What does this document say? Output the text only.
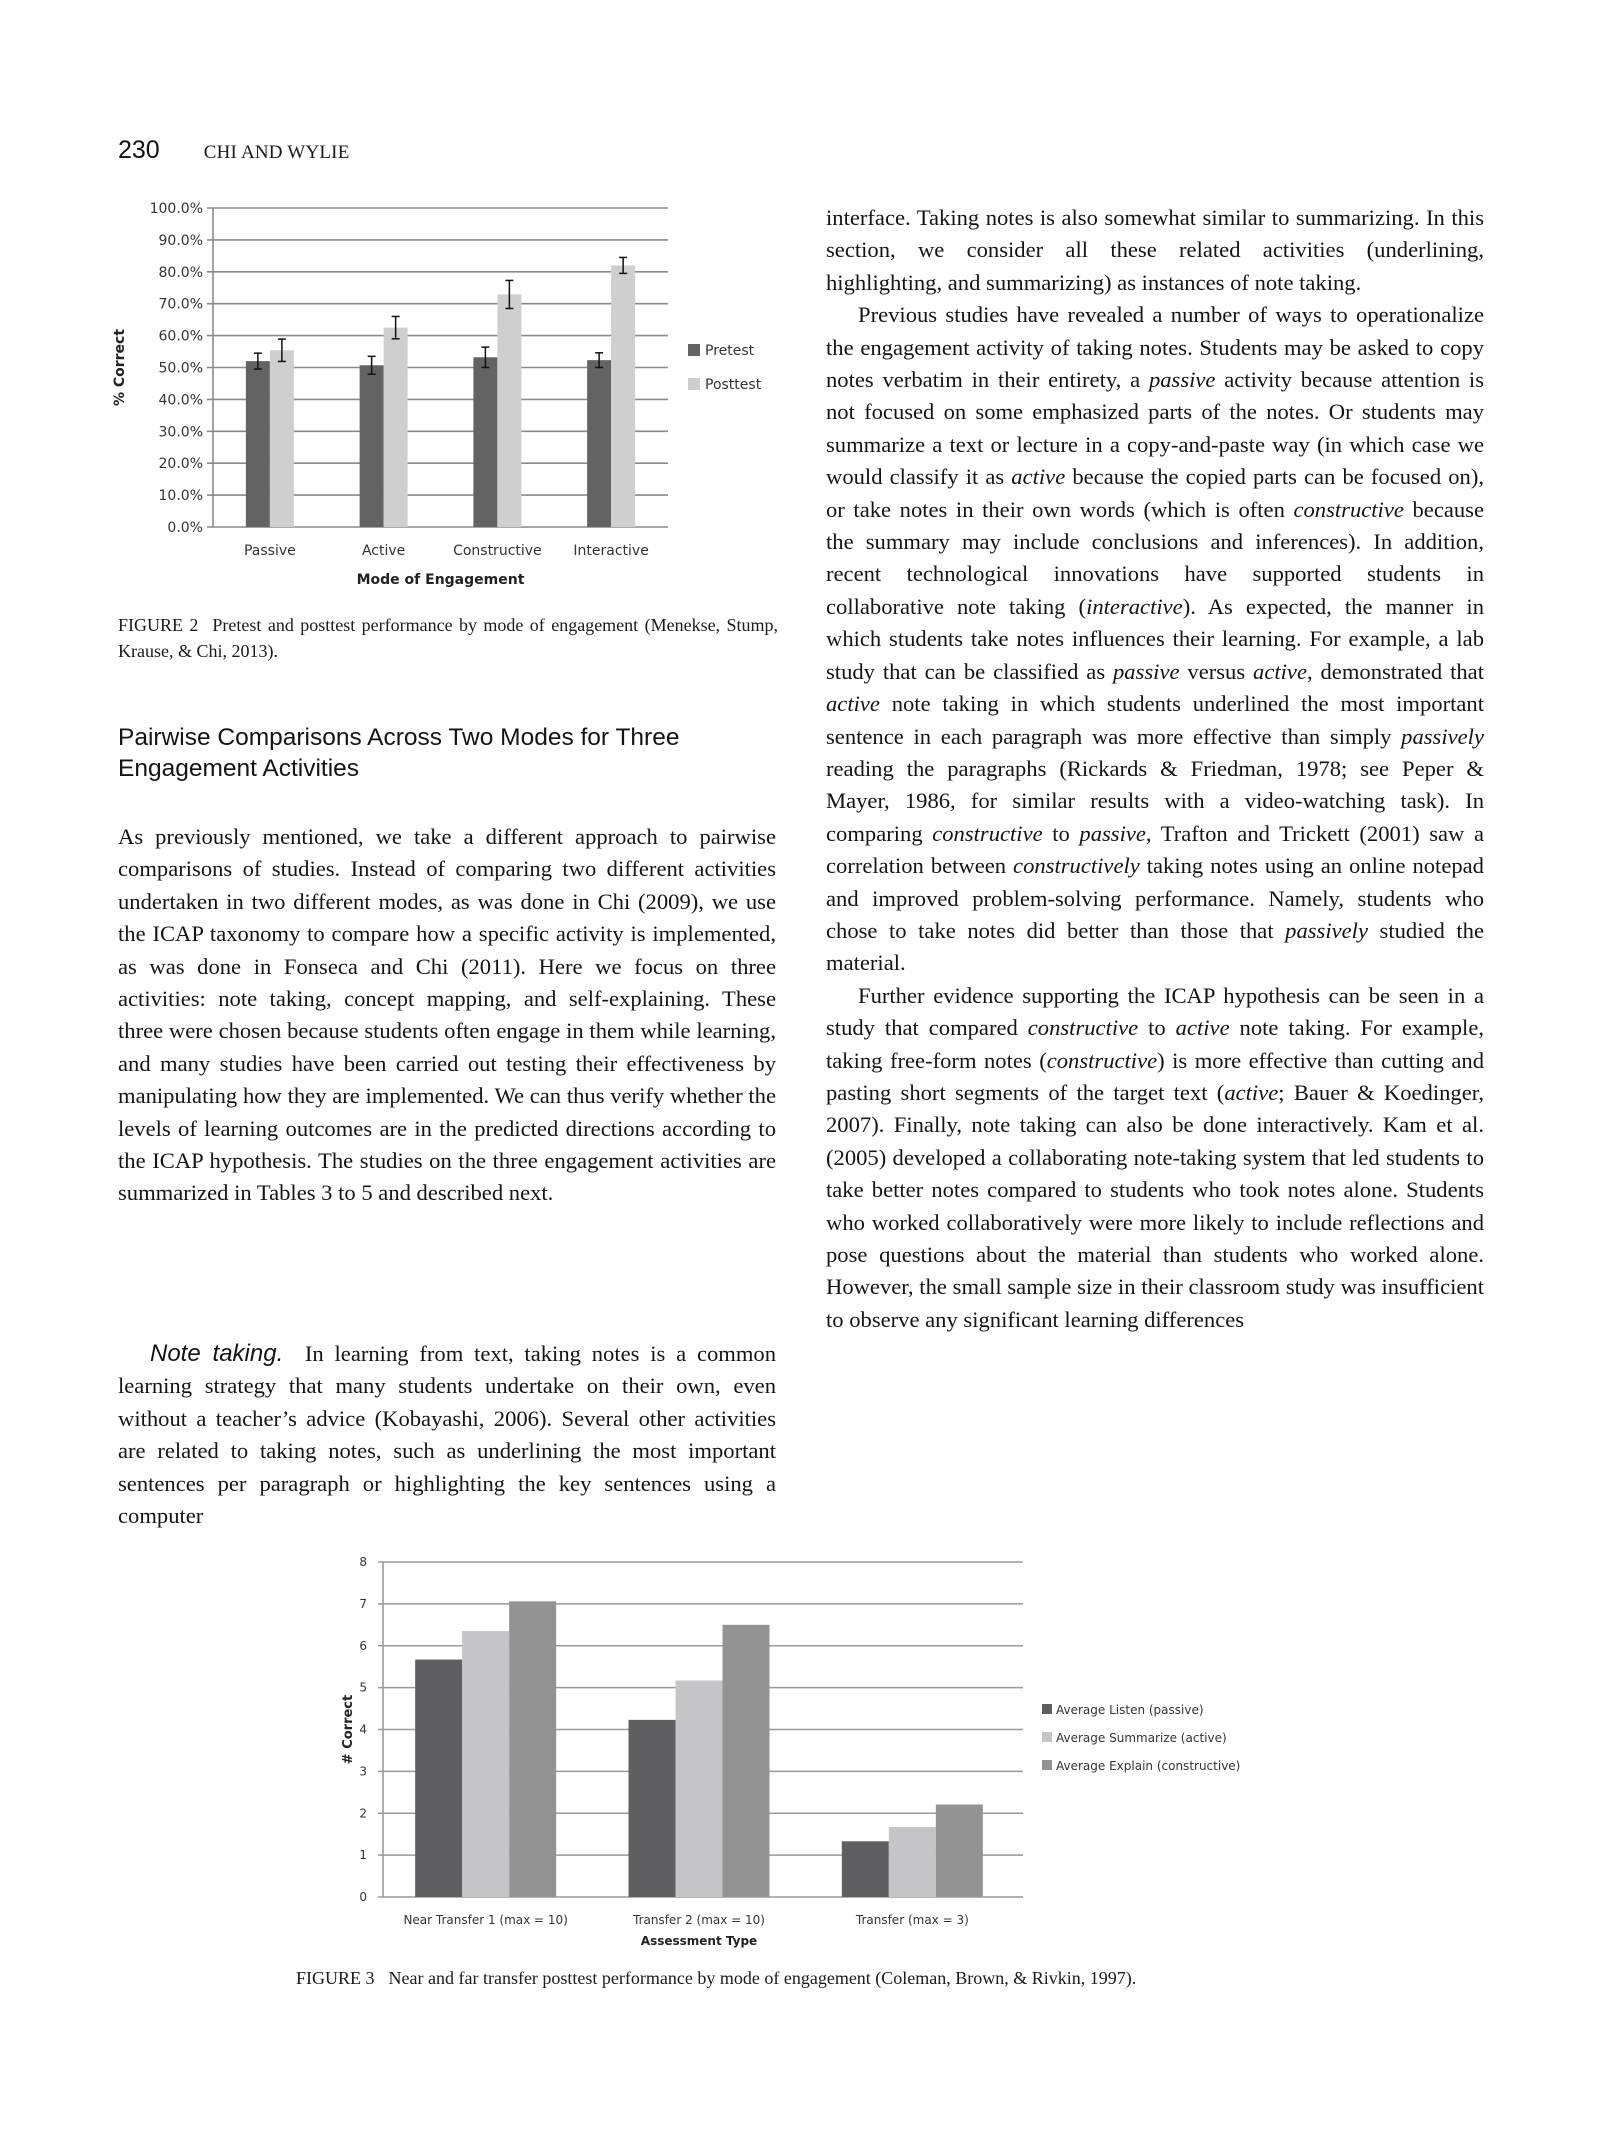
230 CHI AND WYLIE
0.0%
10.0%
20.0%
30.0%
40.0%
50.0%
60.0%
70.0%
80.0%
90.0%
100.0%
Passive	Active	Constructive Interactive
Mode of Engagement
% Correct	Pretest
Posttest
FIGURE 2 Pretest and posttest performance by mode of engagement (Menekse, Stump, Krause, & Chi, 2013).
Pairwise Comparisons Across Two Modes for Three Engagement Activities

As previously mentioned, we take a different approach to pairwise comparisons of studies. Instead of comparing two different activities undertaken in two different modes, as was done in Chi (2009), we use the ICAP taxonomy to compare how a specific activity is implemented, as was done in Fonseca and Chi (2011). Here we focus on three activities: note taking, concept mapping, and self-explaining. These three were chosen because students often engage in them while learning, and many studies have been carried out testing their effectiveness by manipulating how they are implemented. We can thus verify whether the levels of learning outcomes are in the predicted directions according to the ICAP hypothesis. The studies on the three engagement activities are summarized in Tables 3 to 5 and described next.

Note taking. In learning from text, taking notes is a common learning strategy that many students undertake on their own, even without a teacher’s advice (Kobayashi, 2006). Several other activities are related to taking notes, such as underlining the most important sentences per paragraph or highlighting the key sentences using a computer

interface. Taking notes is also somewhat similar to summarizing. In this section, we consider all these related activities (underlining, highlighting, and summarizing) as instances of note taking.

Previous studies have revealed a number of ways to operationalize the engagement activity of taking notes. Students may be asked to copy notes verbatim in their entirety, a passive activity because attention is not focused on some emphasized parts of the notes. Or students may summarize a text or lecture in a copy-and-paste way (in which case we would classify it as active because the copied parts can be focused on), or take notes in their own words (which is often constructive because the summary may include conclusions and inferences). In addition, recent technological innovations have supported students in collaborative note taking (interactive). As expected, the manner in which students take notes influences their learning. For example, a lab study that can be classified as passive versus active, demonstrated that active note taking in which students underlined the most important sentence in each paragraph was more effective than simply passively reading the paragraphs (Rickards & Friedman, 1978; see Peper & Mayer, 1986, for similar results with a video-watching task). In comparing constructive to passive, Trafton and Trickett (2001) saw a correlation between constructively taking notes using an online notepad and improved problem-solving performance. Namely, students who chose to take notes did better than those that passively studied the material.

Further evidence supporting the ICAP hypothesis can be seen in a study that compared constructive to active note taking. For example, taking free-form notes (constructive) is more effective than cutting and pasting short segments of the target text (active; Bauer & Koedinger, 2007). Finally, note taking can also be done interactively. Kam et al. (2005) developed a collaborating note-taking system that led students to take better notes compared to students who took notes alone. Students who worked collaboratively were more likely to include reflections and pose questions about the material than students who worked alone. However, the small sample size in their classroom study was insufficient to observe any significant learning differences

0
1
2
3
4
5
6
7
8
Near Transfer 1 (max = 10)	Transfer 2 (max = 10)	Transfer (max = 3)
Assessment Type
# Correct	Average Listen (passive)
Average Summarize (active)
Average Explain (constructive)
FIGURE 3 Near and far transfer posttest performance by mode of engagement (Coleman, Brown, & Rivkin, 1997).
